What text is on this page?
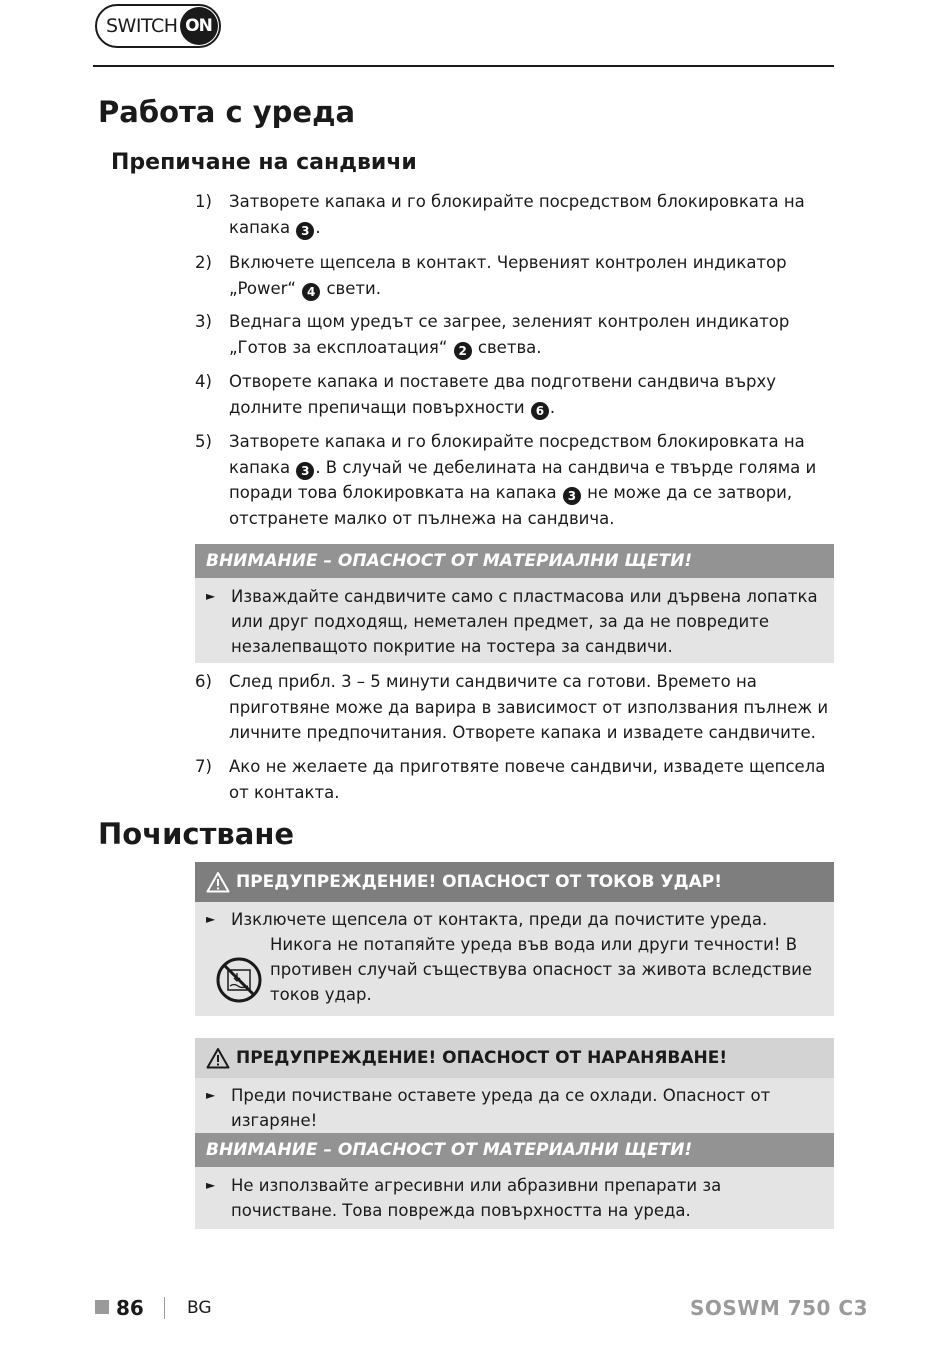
SWITCH ON
Работа с уреда
Препичане на сандвичи
1) Затворете капака и го блокирайте посредством блокировката на капака 3 .
2) Включете щепсела в контакт. Червеният контролен индикатор „Power“ 4 свети.
3) Веднага щом уредът се загрее, зеленият контролен индикатор „Готов за експлоатация“ 2 светва.
4) Отворете капака и поставете два подготвени сандвича върху долните препичащи повърхности 6 .
5) Затворете капака и го блокирайте посредством блокировката на капака 3 . В случай че дебелината на сандвича е твърде голяма и поради това блокировката на капака 3 не може да се затвори, отстранете малко от пълнежа на сандвича.
ВНИМАНИЕ – ОПАСНОСТ ОТ МАТЕРИАЛНИ ЩЕТИ!
► Изваждайте сандвичите само с пластмасова или дървена лопатка или друг подходящ, неметален предмет, за да не повредите незалепващото покритие на тостера за сандвичи.
6) След прибл. 3 – 5 минути сандвичите са готови. Времето на приготвяне може да варира в зависимост от използвания пълнеж и личните предпочитания. Отворете капака и извадете сандвичите.
7) Ако не желаете да приготвяте повече сандвичи, извадете щепсела от контакта.
Почистване
ПРЕДУПРЕЖДЕНИЕ! ОПАСНОСТ ОТ ТОКОВ УДАР!
► Изключете щепсела от контакта, преди да почистите уреда.
Никога не потапяйте уреда във вода или други течности! В противен случай съществува опасност за живота вследствие токов удар.
ПРЕДУПРЕЖДЕНИЕ! ОПАСНОСТ ОТ НАРАНЯВАНЕ!
► Преди почистване оставете уреда да се охлади. Опасност от изгаряне!
ВНИМАНИЕ – ОПАСНОСТ ОТ МАТЕРИАЛНИ ЩЕТИ!
► Не използвайте агресивни или абразивни препарати за почистване. Това поврежда повърхността на уреда.
86	BG	SOSWM 750 C3
